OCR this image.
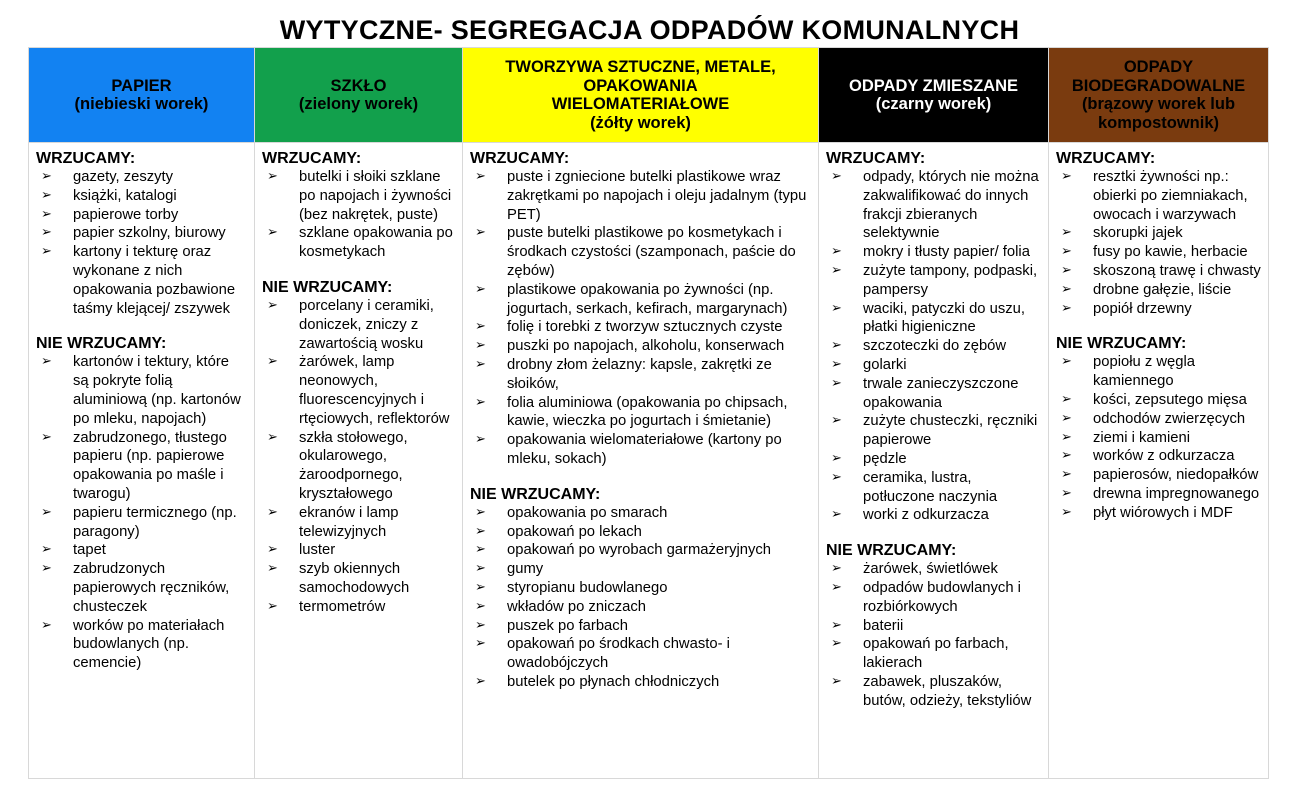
WYTYCZNE- SEGREGACJA ODPADÓW KOMUNALNYCH
PAPIER
(niebieski worek)
SZKŁO
(zielony worek)
TWORZYWA SZTUCZNE, METALE,
OPAKOWANIA
WIELOMATERIAŁOWE
(żółty worek)
ODPADY ZMIESZANE
(czarny worek)
ODPADY
BIODEGRADOWALNE
(brązowy worek lub
kompostownik)
WRZUCAMY:
➢ gazety, zeszyty
➢ książki, katalogi
➢ papierowe torby
➢ papier szkolny, biurowy
➢ kartony i tekturę oraz wykonane z nich opakowania pozbawione taśmy klejącej/ zszywek
NIE WRZUCAMY:
➢ kartonów i tektury, które są pokryte folią aluminiową (np. kartonów po mleku, napojach)
➢ zabrudzonego, tłustego papieru (np. papierowe opakowania po maśle i twarogu)
➢ papieru termicznego (np. paragony)
➢ tapet
➢ zabrudzonych papierowych ręczników, chusteczek
➢ worków po materiałach budowlanych (np. cemencie)
WRZUCAMY:
➢ butelki i słoiki szklane po napojach i żywności (bez nakrętek, puste)
➢ szklane opakowania po kosmetykach
NIE WRZUCAMY:
➢ porcelany i ceramiki, doniczek, zniczy z zawartością wosku
➢ żarówek, lamp neonowych, fluorescencyjnych i rtęciowych, reflektorów
➢ szkła stołowego, okularowego, żaroodpornego, kryształowego
➢ ekranów i lamp telewizyjnych
➢ luster
➢ szyb okiennych samochodowych
➢ termometrów
WRZUCAMY:
➢ puste i zgniecione butelki plastikowe wraz zakrętkami po napojach i oleju jadalnym (typu PET)
➢ puste butelki plastikowe po kosmetykach i środkach czystości (szamponach, paście do zębów)
➢ plastikowe opakowania po żywności (np. jogurtach, serkach, kefirach, margarynach)
➢ folię i torebki z tworzyw sztucznych czyste
➢ puszki po napojach, alkoholu, konserwach
➢ drobny złom żelazny: kapsle, zakrętki ze słoików,
➢ folia aluminiowa (opakowania po chipsach, kawie, wieczka po jogurtach i śmietanie)
➢ opakowania wielomateriałowe (kartony po mleku, sokach)
NIE WRZUCAMY:
➢ opakowania po smarach
➢ opakowań po lekach
➢ opakowań po wyrobach garmażeryjnych
➢ gumy
➢ styropianu budowlanego
➢ wkładów po zniczach
➢ puszek po farbach
➢ opakowań po środkach chwasto- i owadobójczych
➢ butelek po płynach chłodniczych
WRZUCAMY:
➢ odpady, których nie można zakwalifikować do innych frakcji zbieranych selektywnie
➢ mokry i tłusty papier/ folia
➢ zużyte tampony, podpaski, pampersy
➢ waciki, patyczki do uszu, płatki higieniczne
➢ szczoteczki do zębów
➢ golarki
➢ trwale zanieczyszczone opakowania
➢ zużyte chusteczki, ręczniki papierowe
➢ pędzle
➢ ceramika, lustra, potłuczone naczynia
➢ worki z odkurzacza
NIE WRZUCAMY:
➢ żarówek, świetlówek
➢ odpadów budowlanych i rozbiórkowych
➢ baterii
➢ opakowań po farbach, lakierach
➢ zabawek, pluszaków, butów, odzieży, tekstyliów
WRZUCAMY:
➢ resztki żywności np.: obierki po ziemniakach, owocach i warzywach
➢ skorupki jajek
➢ fusy po kawie, herbacie
➢ skoszoną trawę i chwasty
➢ drobne gałęzie, liście
➢ popiół drzewny
NIE WRZUCAMY:
➢ popiołu z węgla kamiennego
➢ kości, zepsutego mięsa
➢ odchodów zwierzęcych
➢ ziemi i kamieni
➢ worków z odkurzacza
➢ papierosów, niedopałków
➢ drewna impregnowanego
➢ płyt wiórowych i MDF
